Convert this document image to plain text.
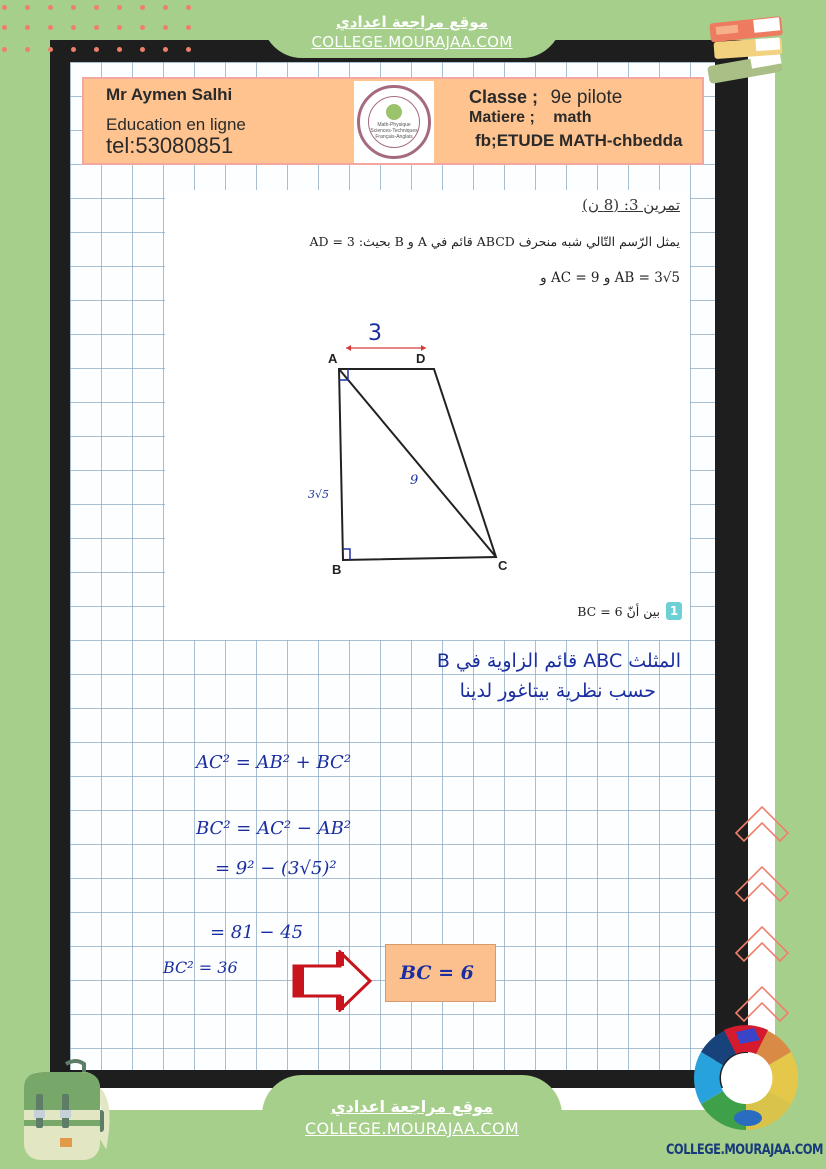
موقع مراجعة اعدادي
COLLEGE.MOURAJAA.COM
Mr Aymen Salhi
Education en ligne
tel:53080851
Math-Physique
Sciences-Techniques
Français-Anglais
Classe ; 9e pilote
Matiere ; math
fb;ETUDE MATH-chbedda
تمرين 3: (8 ن)
يمثل الرّسم التّالي شبه منحرف ABCD قائم في A و B بحيث: AD = 3
و AC = 9 و AB = 3√5
1
بين أنّ BC = 6
3
A	D
B	C
3√5
9
المثلث ABC قائم الزاوية في B
حسب نظرية بيتاغور لدينا
AC² = AB² + BC²
BC² = AC² − AB²
= 9² − (3√5)²
= 81 − 45
BC² = 36	BC = 6
COLLEGE.MOURAJAA.COM
موقع مراجعة اعدادي
COLLEGE.MOURAJAA.COM
